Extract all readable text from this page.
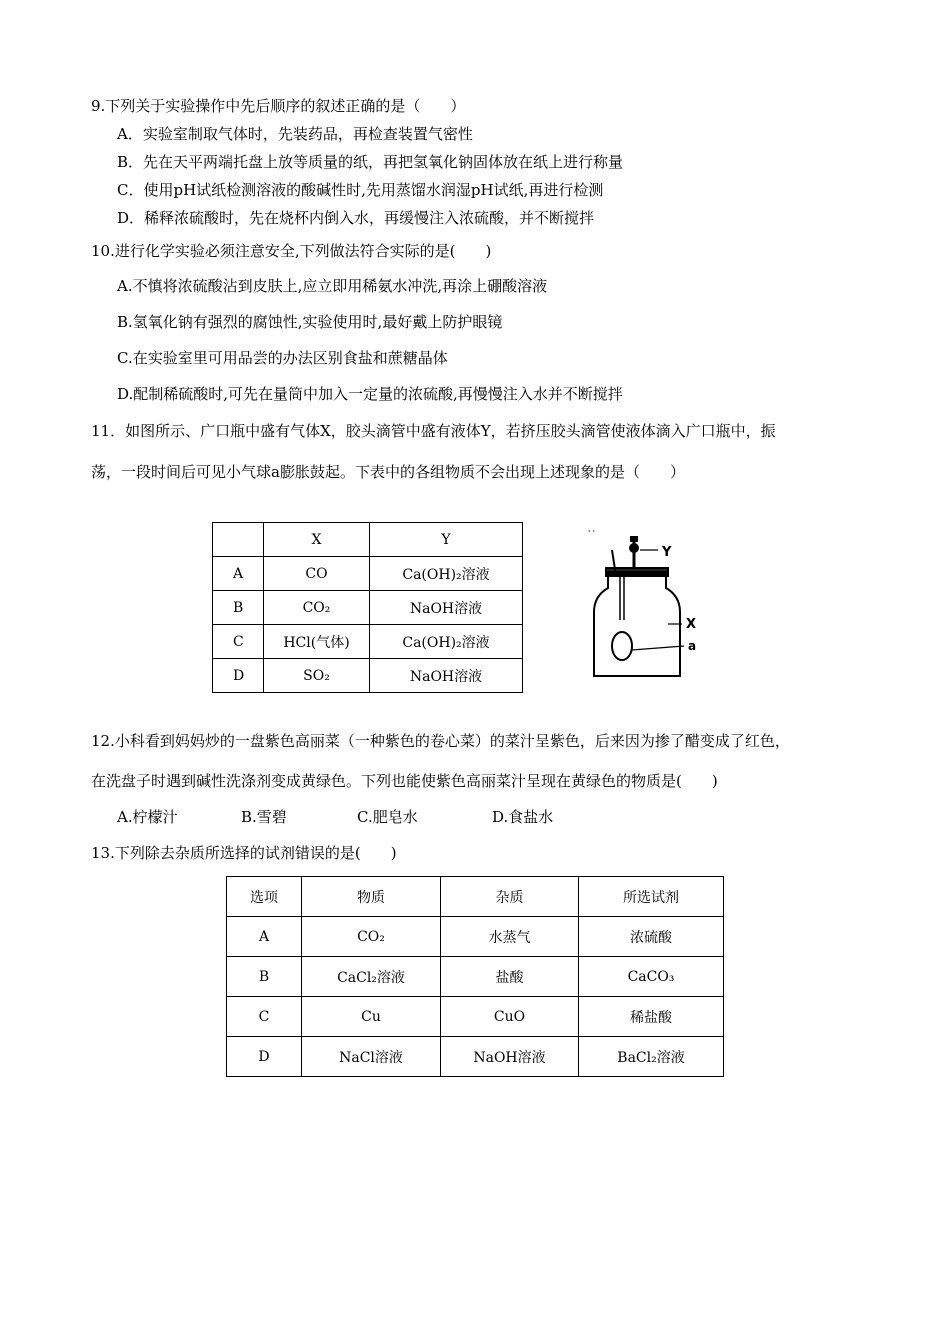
9.下列关于实验操作中先后顺序的叙述正确的是（　　）
A．实验室制取气体时，先装药品，再检查装置气密性
B．先在天平两端托盘上放等质量的纸，再把氢氧化钠固体放在纸上进行称量
C．使用pH试纸检测溶液的酸碱性时,先用蒸馏水润湿pH试纸,再进行检测
D．稀释浓硫酸时，先在烧杯内倒入水，再缓慢注入浓硫酸，并不断搅拌
10.进行化学实验必须注意安全,下列做法符合实际的是(　　)
A.不慎将浓硫酸沾到皮肤上,应立即用稀氨水冲洗,再涂上硼酸溶液
B.氢氧化钠有强烈的腐蚀性,实验使用时,最好戴上防护眼镜
C.在实验室里可用品尝的办法区别食盐和蔗糖晶体
D.配制稀硫酸时,可先在量筒中加入一定量的浓硫酸,再慢慢注入水并不断搅拌
11．如图所示、广口瓶中盛有气体X，胶头滴管中盛有液体Y，若挤压胶头滴管使液体滴入广口瓶中，振
荡，一段时间后可见小气球a膨胀鼓起。下表中的各组物质不会出现上述现象的是（　　）
	X	Y
A	CO	Ca(OH)₂溶液
B	CO₂	NaOH溶液
C	HCl(气体)	Ca(OH)₂溶液
D	SO₂	NaOH溶液
' '
Y
X
a
12.小科看到妈妈炒的一盘紫色高丽菜（一种紫色的卷心菜）的菜汁呈紫色，后来因为掺了醋变成了红色，
在洗盘子时遇到碱性洗涤剂变成黄绿色。下列也能使紫色高丽菜汁呈现在黄绿色的物质是(　　)
A.柠檬汁	B.雪碧	C.肥皂水	D.食盐水
13.下列除去杂质所选择的试剂错误的是(　　)
选项	物质	杂质	所选试剂
A	CO₂	水蒸气	浓硫酸
B	CaCl₂溶液	盐酸	CaCO₃
C	Cu	CuO	稀盐酸
D	NaCl溶液	NaOH溶液	BaCl₂溶液
